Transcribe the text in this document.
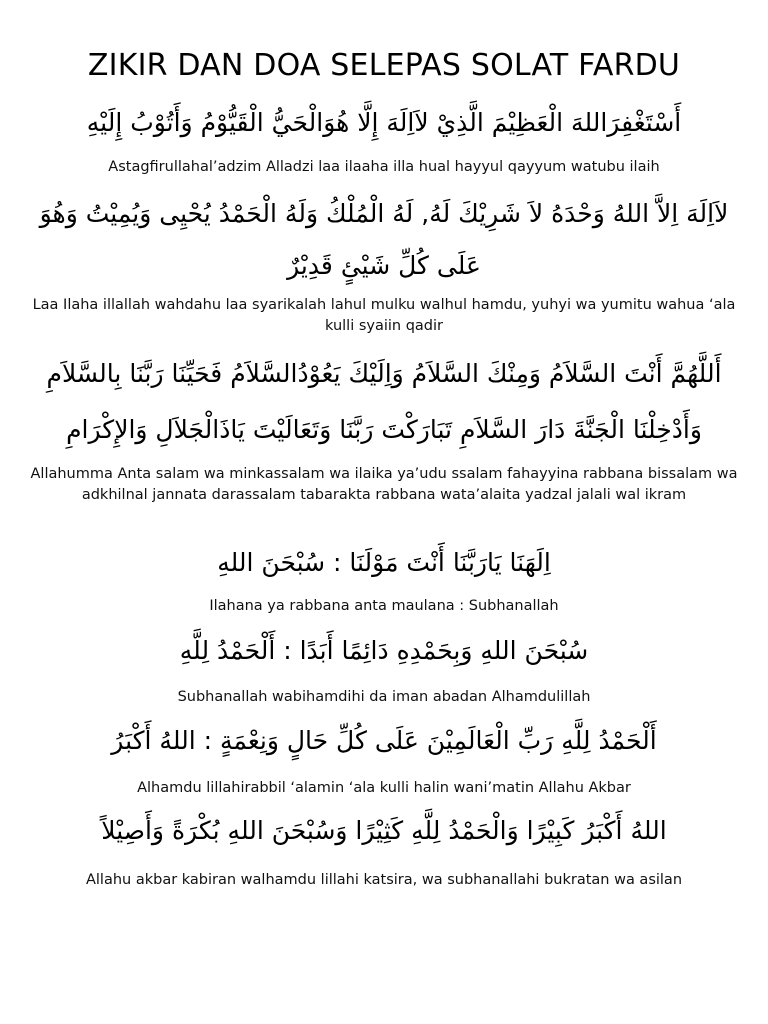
ZIKIR DAN DOA SELEPAS SOLAT FARDU
أَسْتَغْفِرَاللهَ الْعَظِيْمَ الَّذِيْ لاَاِلَهَ إِلَّا هُوَالْحَيُّ الْقَيُّوْمُ وَأَتُوْبُ إِلَيْهِ
Astagfirullahal’adzim Alladzi laa ilaaha illa hual hayyul qayyum watubu ilaih
لاَاِلَهَ اِلاَّ اللهُ وَحْدَهُ لاَ شَرِيْكَ لَهُ, لَهُ الْمُلْكُ وَلَهُ الْحَمْدُ يُحْيِى وَيُمِيْتُ وَهُوَ عَلَى كُلِّ شَيْئٍ قَدِيْرٌ
Laa Ilaha illallah wahdahu laa syarikalah lahul mulku walhul hamdu, yuhyi wa yumitu wahua ‘ala kulli syaiin qadir
أَللَّهُمَّ أَنْتَ السَّلاَمُ وَمِنْكَ السَّلاَمُ وَاِلَيْكَ يَعُوْدُالسَّلاَمُ فَحَيِّنَا رَبَّنَا بِالسَّلاَمِ وَأَدْخِلْنَا الْجَنَّةَ دَارَ السَّلاَمِ تَبَارَكْتَ رَبَّنَا وَتَعَالَيْتَ يَاذَالْجَلاَلِ وَالإِكْرَامِ
Allahumma Anta salam wa minkassalam wa ilaika ya’udu ssalam fahayyina rabbana bissalam wa adkhilnal jannata darassalam tabarakta rabbana wata’alaita yadzal jalali wal ikram
اِلَهَنَا يَارَبَّنَا أَنْتَ مَوْلَنَا : سُبْحَنَ اللهِ
Ilahana ya rabbana anta maulana : Subhanallah
سُبْحَنَ اللهِ وَبِحَمْدِهِ دَائِمًا أَبَدًا : أَلْحَمْدُ لِلَّهِ
Subhanallah wabihamdihi da iman abadan Alhamdulillah
أَلْحَمْدُ لِلَّهِ رَبِّ الْعَالَمِيْنَ عَلَى كُلِّ حَالٍ وَنِعْمَةٍ : اللهُ أَكْبَرُ
Alhamdu lillahirabbil ‘alamin ‘ala kulli halin wani’matin Allahu Akbar
اللهُ أَكْبَرُ كَبِيْرًا وَالْحَمْدُ لِلَّهِ كَثِيْرًا وَسُبْحَنَ اللهِ بُكْرَةً وَأَصِيْلاً
Allahu akbar kabiran walhamdu lillahi katsira, wa subhanallahi bukratan wa asilan
